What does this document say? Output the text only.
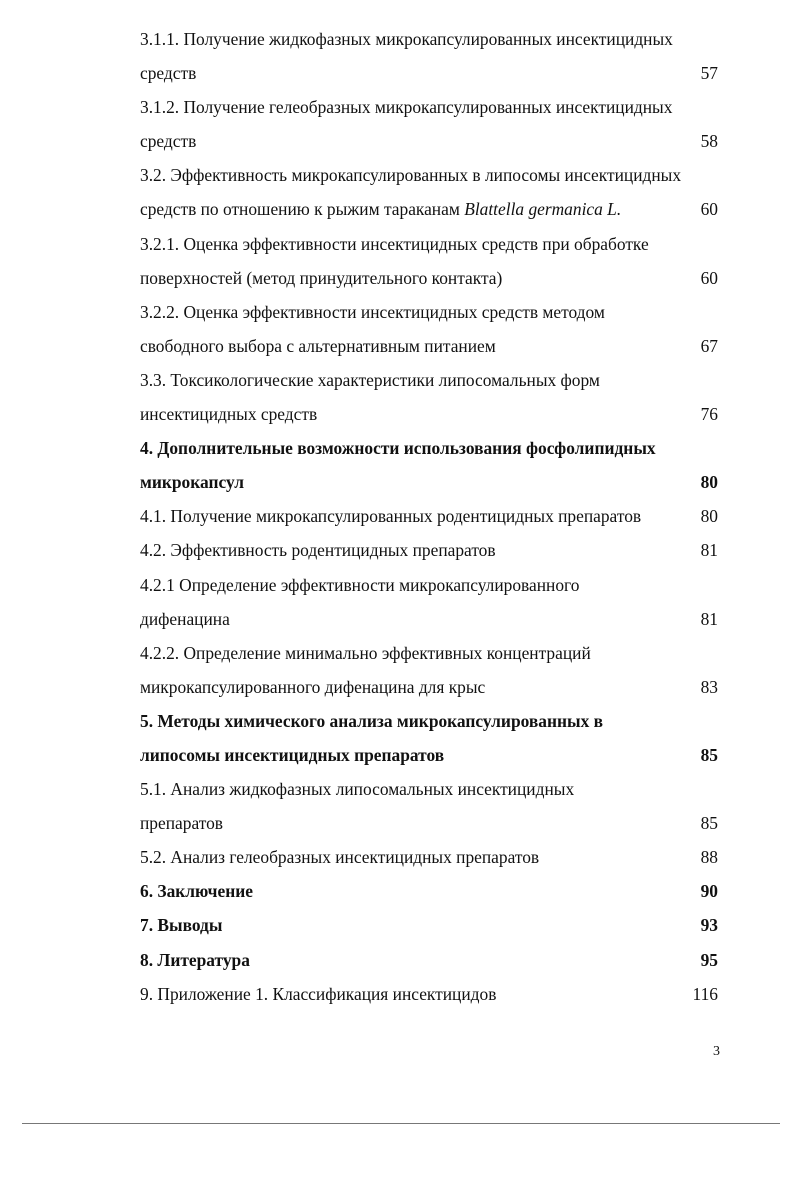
3.1.1. Получение жидкофазных микрокапсулированных инсектицидных
средств	57
3.1.2. Получение гелеобразных микрокапсулированных инсектицидных
средств	58
3.2. Эффективность микрокапсулированных в липосомы инсектицидных
средств по отношению к рыжим тараканам Blattella germanica L.	60
3.2.1. Оценка эффективности инсектицидных средств при обработке
поверхностей (метод принудительного контакта)	60
3.2.2. Оценка эффективности инсектицидных средств методом
свободного выбора с альтернативным питанием	67
3.3. Токсикологические характеристики липосомальных форм
инсектицидных средств	76
4. Дополнительные возможности использования фосфолипидных
микрокапсул	80
4.1. Получение микрокапсулированных родентицидных препаратов	80
4.2. Эффективность родентицидных препаратов	81
4.2.1 Определение эффективности микрокапсулированного
дифенацина	81
4.2.2. Определение минимально эффективных концентраций
микрокапсулированного дифенацина для крыс	83
5. Методы химического анализа микрокапсулированных в
липосомы инсектицидных препаратов	85
5.1. Анализ жидкофазных липосомальных инсектицидных
препаратов	85
5.2. Анализ гелеобразных инсектицидных препаратов	88
6. Заключение	90
7. Выводы	93
8. Литература	95
9. Приложение 1. Классификация инсектицидов	116
3
